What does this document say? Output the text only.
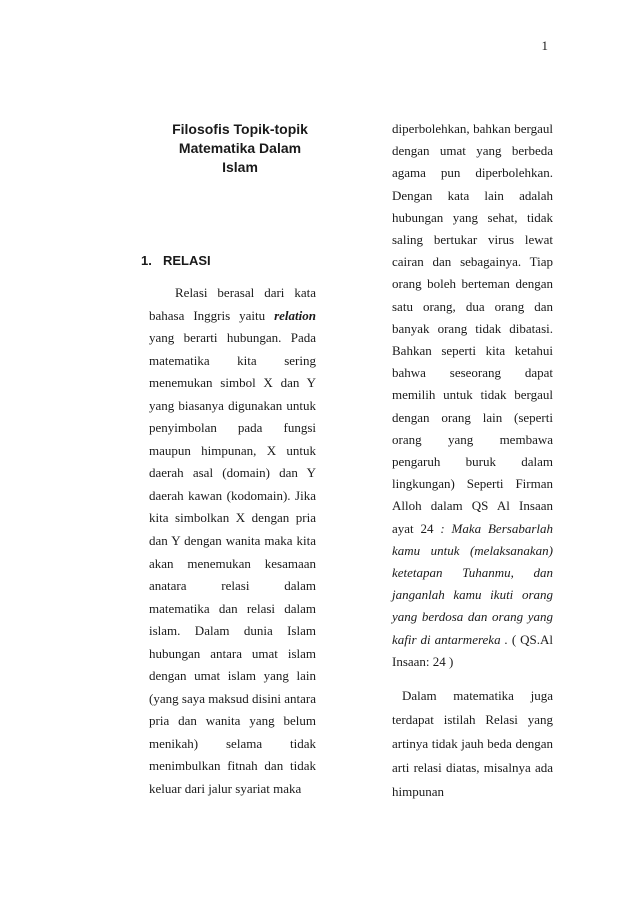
1
Filosofis Topik-topik Matematika Dalam Islam
1. RELASI

Relasi berasal dari kata bahasa Inggris yaitu relation yang berarti hubungan. Pada matematika kita sering menemukan simbol X dan Y yang biasanya digunakan untuk penyimbolan pada fungsi maupun himpunan, X untuk daerah asal (domain) dan Y daerah kawan (kodomain). Jika kita simbolkan X dengan pria dan Y dengan wanita maka kita akan menemukan kesamaan anatara relasi dalam matematika dan relasi dalam islam. Dalam dunia Islam hubungan antara umat islam dengan umat islam yang lain (yang saya maksud disini antara pria dan wanita yang belum menikah) selama tidak menimbulkan fitnah dan tidak keluar dari jalur syariat maka

diperbolehkan, bahkan bergaul dengan umat yang berbeda agama pun diperbolehkan. Dengan kata lain adalah hubungan yang sehat, tidak saling bertukar virus lewat cairan dan sebagainya. Tiap orang boleh berteman dengan satu orang, dua orang dan banyak orang tidak dibatasi. Bahkan seperti kita ketahui bahwa seseorang dapat memilih untuk tidak bergaul dengan orang lain (seperti orang yang membawa pengaruh buruk dalam lingkungan) Seperti Firman Alloh dalam QS Al Insaan ayat 24 : Maka Bersabarlah kamu untuk (melaksanakan) ketetapan Tuhanmu, dan janganlah kamu ikuti orang yang berdosa dan orang yang kafir di antarmereka . ( QS.Al Insaan: 24 )

Dalam matematika juga terdapat istilah Relasi yang artinya tidak jauh beda dengan arti relasi diatas, misalnya ada himpunan
